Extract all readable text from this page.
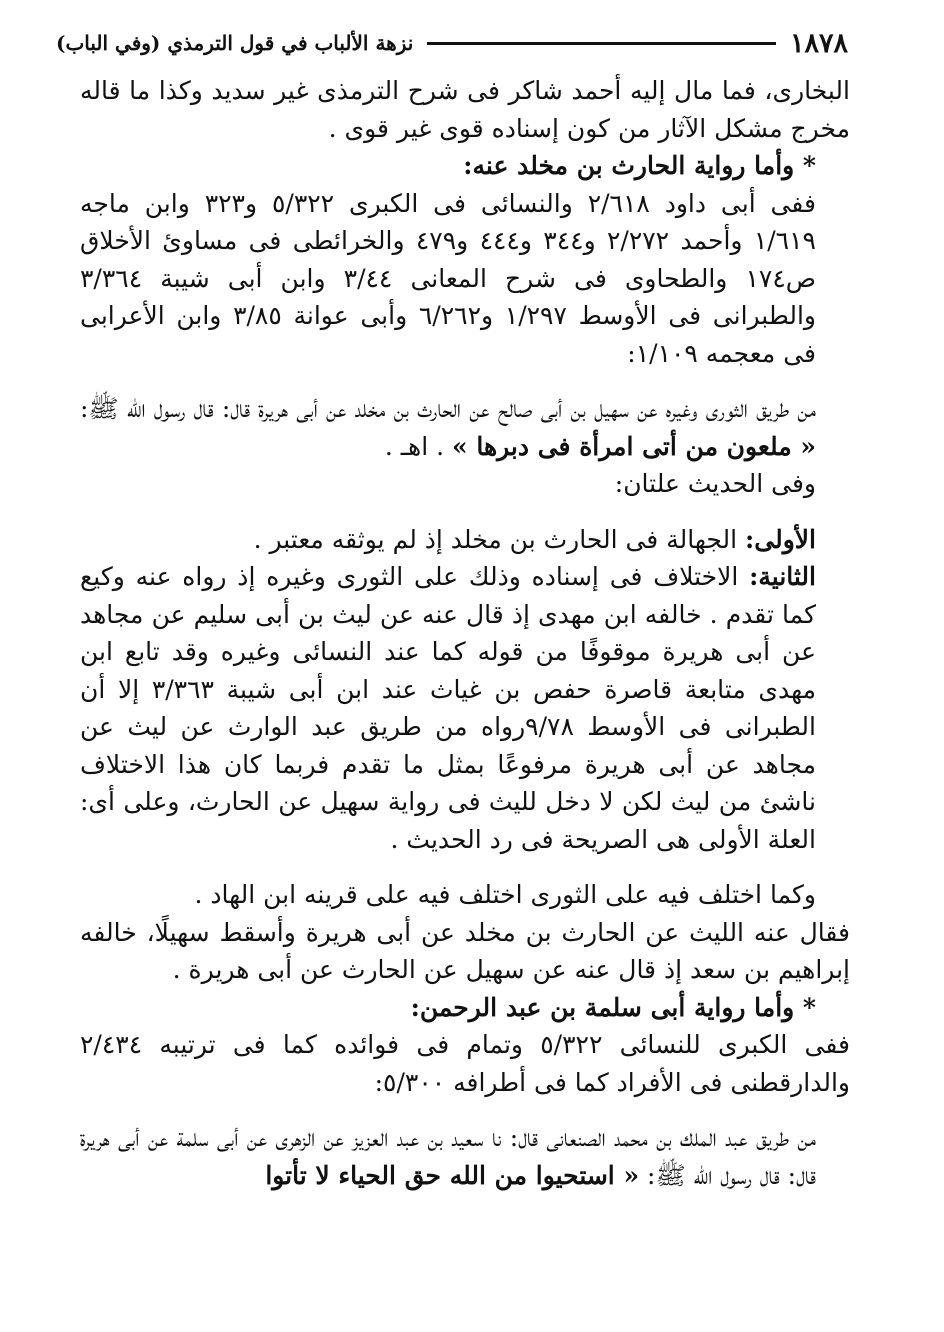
١٨٧٨
نزهة الألباب في قول الترمذي (وفي الباب)

البخارى، فما مال إليه أحمد شاكر فى شرح الترمذى غير سديد وكذا ما قاله مخرج مشكل الآثار من كون إسناده قوى غير قوى .

* وأما رواية الحارث بن مخلد عنه:

ففى أبى داود ٢/٦١٨ والنسائى فى الكبرى ٥/٣٢٢ و٣٢٣ وابن ماجه ١/٦١٩ وأحمد ٢/٢٧٢ و٣٤٤ و٤٤٤ و٤٧٩ والخرائطى فى مساوئ الأخلاق ص١٧٤ والطحاوى فى شرح المعانى ٣/٤٤ وابن أبى شيبة ٣/٣٦٤ والطبرانى فى الأوسط ١/٢٩٧ و٦/٢٦٢ وأبى عوانة ٣/٨٥ وابن الأعرابى فى معجمه ١/١٠٩:

من طريق الثورى وغيره عن سهيل بن أبى صالح عن الحارث بن مخلد عن أبى هريرة قال: قال رسول الله ﷺ: « ملعون من أتى امرأة فى دبرها » . اهـ .

وفى الحديث علتان:

الأولى: الجهالة فى الحارث بن مخلد إذ لم يوثقه معتبر .

الثانية: الاختلاف فى إسناده وذلك على الثورى وغيره إذ رواه عنه وكيع كما تقدم . خالفه ابن مهدى إذ قال عنه عن ليث بن أبى سليم عن مجاهد عن أبى هريرة موقوفًا من قوله كما عند النسائى وغيره وقد تابع ابن مهدى متابعة قاصرة حفص بن غياث عند ابن أبى شيبة ٣/٣٦٣ إلا أن الطبرانى فى الأوسط ٩/٧٨رواه من طريق عبد الوارث عن ليث عن مجاهد عن أبى هريرة مرفوعًا بمثل ما تقدم فربما كان هذا الاختلاف ناشئ من ليث لكن لا دخل لليث فى رواية سهيل عن الحارث، وعلى أى: العلة الأولى هى الصريحة فى رد الحديث .

وكما اختلف فيه على الثورى اختلف فيه على قرينه ابن الهاد .

فقال عنه الليث عن الحارث بن مخلد عن أبى هريرة وأسقط سهيلًا، خالفه إبراهيم بن سعد إذ قال عنه عن سهيل عن الحارث عن أبى هريرة .

* وأما رواية أبى سلمة بن عبد الرحمن:

ففى الكبرى للنسائى ٥/٣٢٢ وتمام فى فوائده كما فى ترتيبه ٢/٤٣٤ والدارقطنى فى الأفراد كما فى أطرافه ٥/٣٠٠:

من طريق عبد الملك بن محمد الصنعانى قال: نا سعيد بن عبد العزيز عن الزهرى عن أبى سلمة عن أبى هريرة قال: قال رسول الله ﷺ: « استحيوا من الله حق الحياء لا تأتوا
